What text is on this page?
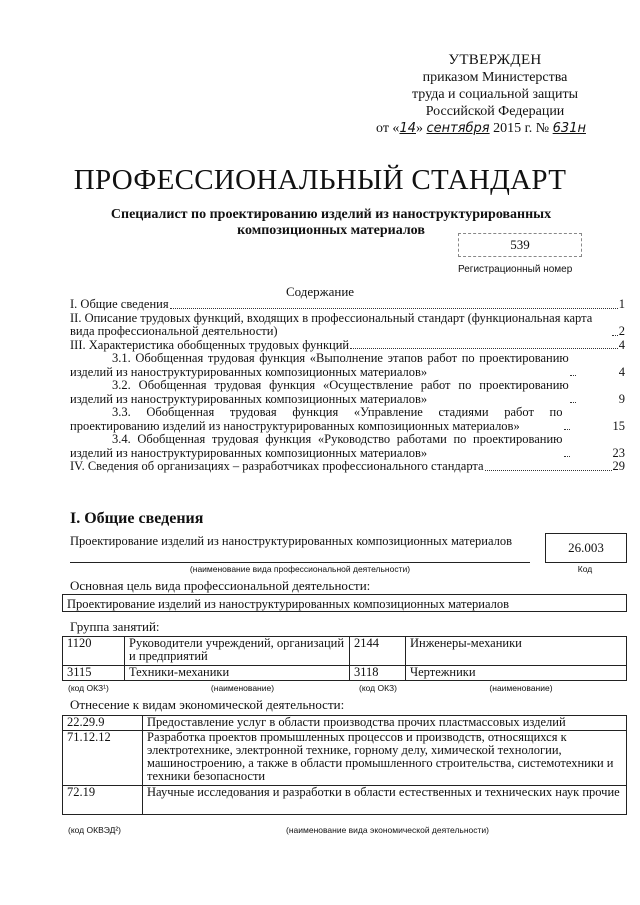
УТВЕРЖДЕН
приказом Министерства
труда и социальной защиты
Российской Федерации
от «14» сентября 2015 г. № 631н
ПРОФЕССИОНАЛЬНЫЙ СТАНДАРТ
Специалист по проектированию изделий из наноструктурированных композиционных материалов
539
Регистрационный номер
Содержание
I. Общие сведения	1
II. Описание трудовых функций, входящих в профессиональный стандарт (функциональная карта вида профессиональной деятельности)	2
III. Характеристика обобщенных трудовых функций	4
3.1. Обобщенная трудовая функция «Выполнение этапов работ по проектированию изделий из наноструктурированных композиционных материалов»	4
3.2. Обобщенная трудовая функция «Осуществление работ по проектированию изделий из наноструктурированных композиционных материалов»	9
3.3. Обобщенная трудовая функция «Управление стадиями работ по проектированию изделий из наноструктурированных композиционных материалов»	15
3.4. Обобщенная трудовая функция «Руководство работами по проектированию изделий из наноструктурированных композиционных материалов»	23
IV. Сведения об организациях – разработчиках профессионального стандарта	29
I. Общие сведения
Проектирование изделий из наноструктурированных композиционных материалов	26.003
(наименование вида профессиональной деятельности)	Код
Основная цель вида профессиональной деятельности:
Проектирование изделий из наноструктурированных композиционных материалов
Группа занятий:
1120	Руководители учреждений, организаций и предприятий	2144	Инженеры-механики
3115	Техники-механики	3118	Чертежники
(код ОКЗ¹)	(наименование)	(код ОКЗ)	(наименование)
Отнесение к видам экономической деятельности:
22.29.9	Предоставление услуг в области производства прочих пластмассовых изделий
71.12.12	Разработка проектов промышленных процессов и производств, относящихся к электротехнике, электронной технике, горному делу, химической технологии, машиностроению, а также в области промышленного строительства, системотехники и техники безопасности
72.19	Научные исследования и разработки в области естественных и технических наук прочие
(код ОКВЭД²)	(наименование вида экономической деятельности)
